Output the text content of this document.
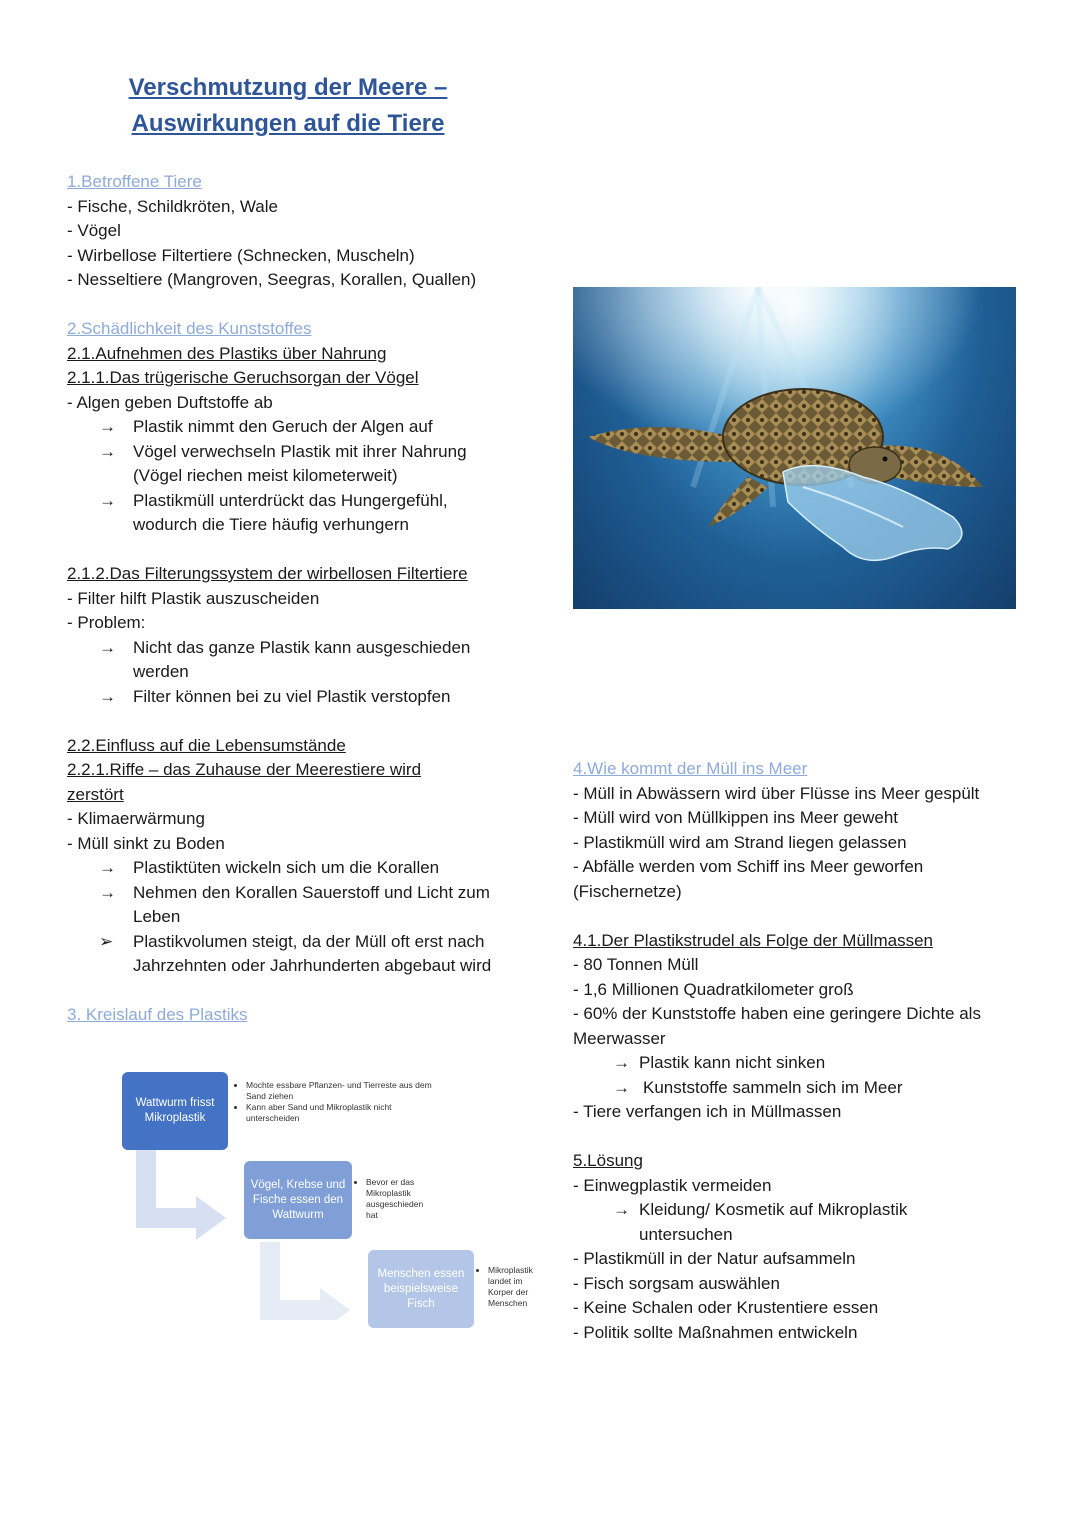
Verschmutzung der Meere –
Auswirkungen auf die Tiere
1.Betroffene Tiere
- Fische, Schildkröten, Wale
- Vögel
- Wirbellose Filtertiere (Schnecken, Muscheln)
- Nesseltiere (Mangroven, Seegras, Korallen, Quallen)
2.Schädlichkeit des Kunststoffes
2.1.Aufnehmen des Plastiks über Nahrung
2.1.1.Das trügerische Geruchsorgan der Vögel
- Algen geben Duftstoffe ab
→ Plastik nimmt den Geruch der Algen auf
→ Vögel verwechseln Plastik mit ihrer Nahrung (Vögel riechen meist kilometerweit)
→ Plastikmüll unterdrückt das Hungergefühl, wodurch die Tiere häufig verhungern
2.1.2.Das Filterungssystem der wirbellosen Filtertiere
- Filter hilft Plastik auszuscheiden
- Problem:
→ Nicht das ganze Plastik kann ausgeschieden werden
→ Filter können bei zu viel Plastik verstopfen
2.2.Einfluss auf die Lebensumstände
2.2.1.Riffe – das Zuhause der Meerestiere wird zerstört
- Klimaerwärmung
- Müll sinkt zu Boden
→ Plastiktüten wickeln sich um die Korallen
→ Nehmen den Korallen Sauerstoff und Licht zum Leben
➢ Plastikvolumen steigt, da der Müll oft erst nach Jahrzehnten oder Jahrhunderten abgebaut wird
3. Kreislauf des Plastiks
Wattwurm frisst Mikroplastik
• Mochte essbare Pflanzen- und Tierreste aus dem Sand ziehen
• Kann aber Sand und Mikroplastik nicht unterscheiden
Vögel, Krebse und Fische essen den Wattwurm
• Bevor er das Mikroplastik ausgeschieden hat
Menschen essen beispielsweise Fisch
• Mikroplastik landet im Korper der Menschen
4.Wie kommt der Müll ins Meer
- Müll in Abwässern wird über Flüsse ins Meer gespült
- Müll wird von Müllkippen ins Meer geweht
- Plastikmüll wird am Strand liegen gelassen
- Abfälle werden vom Schiff ins Meer geworfen
(Fischernetze)
4.1.Der Plastikstrudel als Folge der Müllmassen
- 80 Tonnen Müll
- 1,6 Millionen Quadratkilometer groß
- 60% der Kunststoffe haben eine geringere Dichte als
Meerwasser
→ Plastik kann nicht sinken
→ Kunststoffe sammeln sich im Meer
- Tiere verfangen ich in Müllmassen
5.Lösung
- Einwegplastik vermeiden
→ Kleidung/ Kosmetik auf Mikroplastik untersuchen
- Plastikmüll in der Natur aufsammeln
- Fisch sorgsam auswählen
- Keine Schalen oder Krustentiere essen
- Politik sollte Maßnahmen entwickeln
